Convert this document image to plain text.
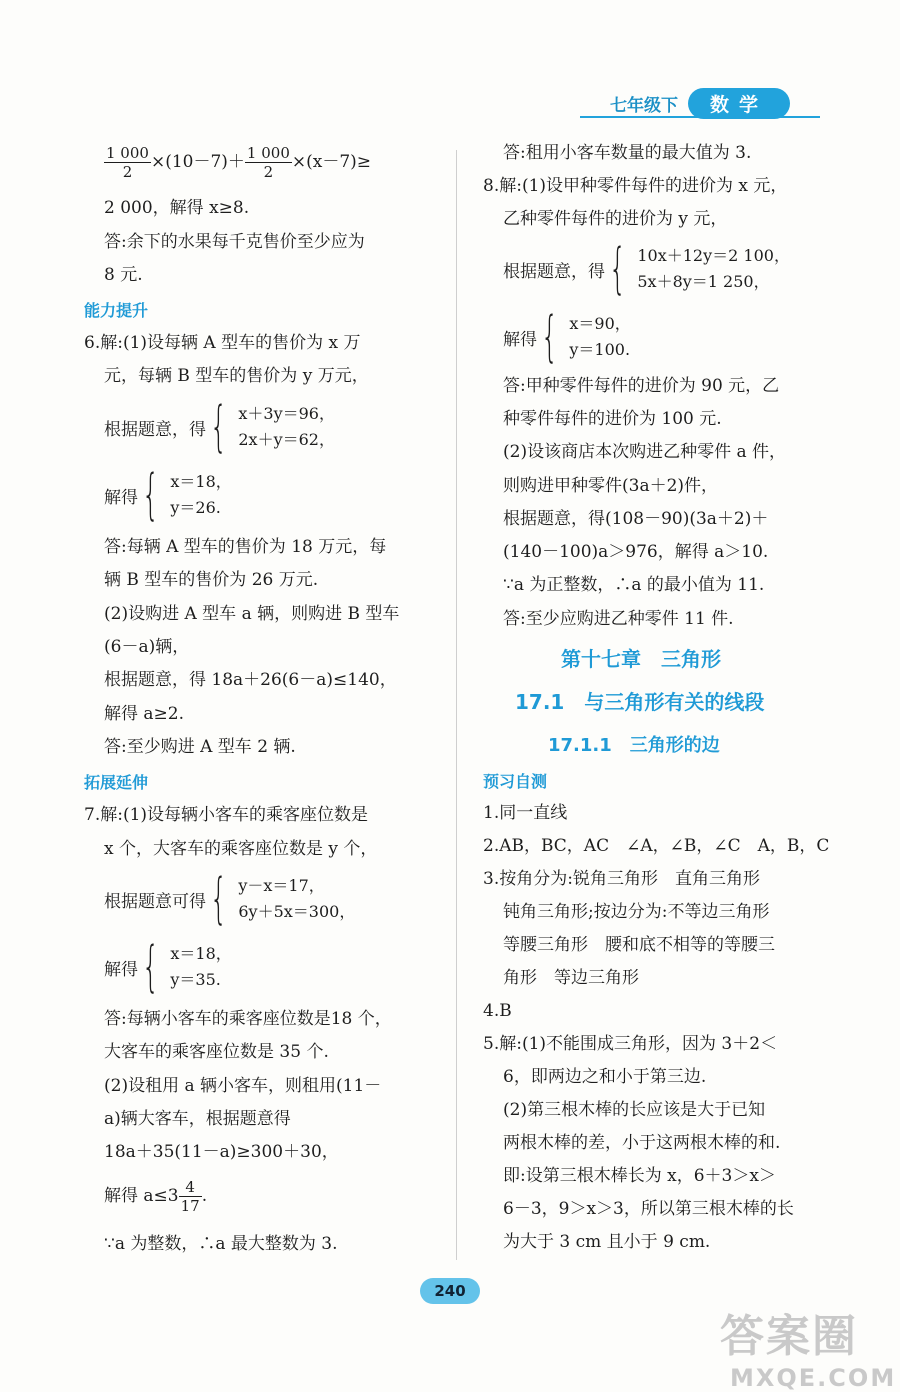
七年级下	数学
$\frac{1 000}{2} \times(10-7)+ \frac{1 000}{2} \times(x-7)\ge$
2 000，解得 x≥8.
答:余下的水果每千克售价至少应为
8 元.
能力提升
6.解:(1)设每辆 A 型车的售价为 x 万
元，每辆 B 型车的售价为 y 万元，
根据题意，得 { x＋3y＝96，
2x＋y＝62，
解得 { x＝18，
y＝26.
答:每辆 A 型车的售价为 18 万元，每
辆 B 型车的售价为 26 万元.
(2)设购进 A 型车 a 辆，则购进 B 型车
(6－a)辆，
根据题意，得 18a＋26(6－a)≤140，
解得 a≥2.
答:至少购进 A 型车 2 辆.
拓展延伸
7.解:(1)设每辆小客车的乘客座位数是
x 个，大客车的乘客座位数是 y 个，
根据题意可得 { y－x＝17，
6y＋5x＝300，
解得 { x＝18，
y＝35.
答:每辆小客车的乘客座位数是18 个，
大客车的乘客座位数是 35 个.
(2)设租用 a 辆小客车，则租用(11－
a)辆大客车，根据题意得
18a＋35(11－a)≥300＋30，
解得 $a\le 3 \frac{4}{17}$ .
∵a 为整数，∴a 最大整数为 3.
答:租用小客车数量的最大值为 3.
8.解:(1)设甲种零件每件的进价为 x 元，
乙种零件每件的进价为 y 元，
根据题意，得 { 10x＋12y＝2 100，
5x＋8y＝1 250，
解得 { x＝90，
y＝100.
答:甲种零件每件的进价为 90 元，乙
种零件每件的进价为 100 元.
(2)设该商店本次购进乙种零件 a 件，
则购进甲种零件(3a＋2)件，
根据题意，得(108－90)(3a＋2)＋
(140－100)a＞976，解得 a＞10.
∵a 为正整数，∴a 的最小值为 11.
答:至少应购进乙种零件 11 件.
第十七章　三角形
17.1　与三角形有关的线段
17.1.1　三角形的边
预习自测
1.同一直线
2.AB，BC，AC　∠A，∠B，∠C　A，B，C
3.按角分为:锐角三角形　直角三角形
钝角三角形;按边分为:不等边三角形
等腰三角形　腰和底不相等的等腰三
角形　等边三角形
4.B
5.解:(1)不能围成三角形，因为 3＋2＜
6，即两边之和小于第三边.
(2)第三根木棒的长应该是大于已知
两根木棒的差，小于这两根木棒的和.
即:设第三根木棒长为 x，6＋3＞x＞
6－3，9＞x＞3，所以第三根木棒的长
为大于 3 cm 且小于 9 cm.
240
答案圈
MXQE.COM
